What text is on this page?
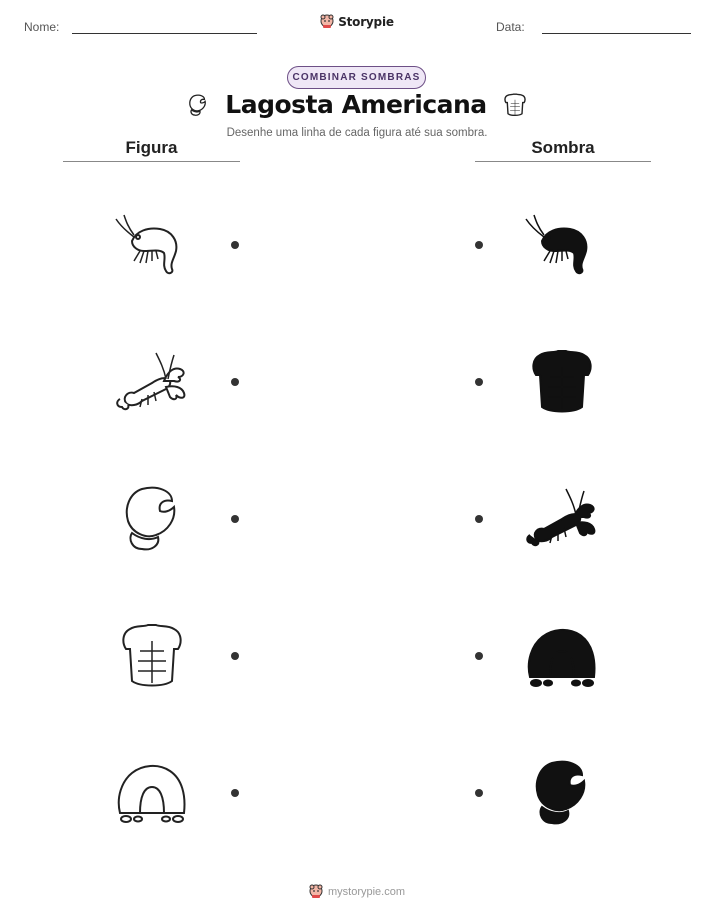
Nome:	Storypie	Data:
COMBINAR SOMBRAS
Lagosta Americana
Desenhe uma linha de cada figura até sua sombra.
Figura	Sombra
mystorypie.com
